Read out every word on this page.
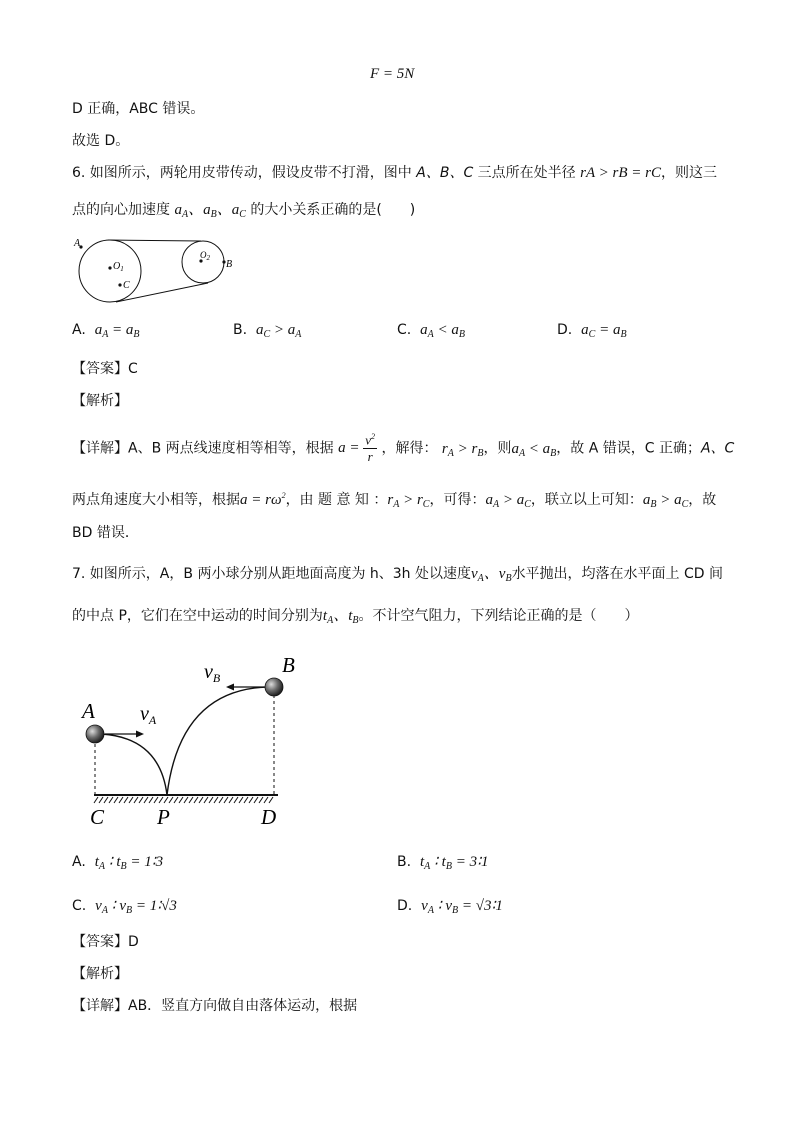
F = 5N
D 正确，ABC 错误。
故选 D。
6. 如图所示，两轮用皮带传动，假设皮带不打滑，图中 A、B、C 三点所在处半径 rA > rB = rC，则这三
点的向心加速度 $a_A$、$a_B$、$a_C$ 的大小关系正确的是(　　)
A
$O_1$
C
$O_2$
B
A. $a_A = a_B$	B. $a_C > a_A$	C. $a_A < a_B$	D. $a_C = a_B$
【答案】C
【解析】
【详解】A、B 两点线速度相等相等，根据 $a = \frac{v^2}{r}$ ，解得： $r_A > r_B$，则$a_A < a_B$，故 A 错误，C 正确；A、C
两点角速度大小相等，根据$a = r\omega^2$，由 题 意 知 ：$r_A > r_C$，可得：$a_A > a_C$，联立以上可知：$a_B > a_C$，故
BD 错误．
7. 如图所示，A，B 两小球分别从距地面高度为 h、3h 处以速度$v_A$、$v_B$水平抛出，均落在水平面上 CD 间
的中点 P，它们在空中运动的时间分别为$t_A$、$t_B$。不计空气阻力，下列结论正确的是（　　）
$v_B$
B
A $v_A$
C	P	D
A. $t_A$ ∶ $t_B$ = 1∶3	B. $t_A$ ∶ $t_B$ = 3∶1
C. $v_A$ ∶ $v_B$ = 1∶√3	D. $v_A$ ∶ $v_B$ = √3∶1
【答案】D
【解析】
【详解】AB．竖直方向做自由落体运动，根据
